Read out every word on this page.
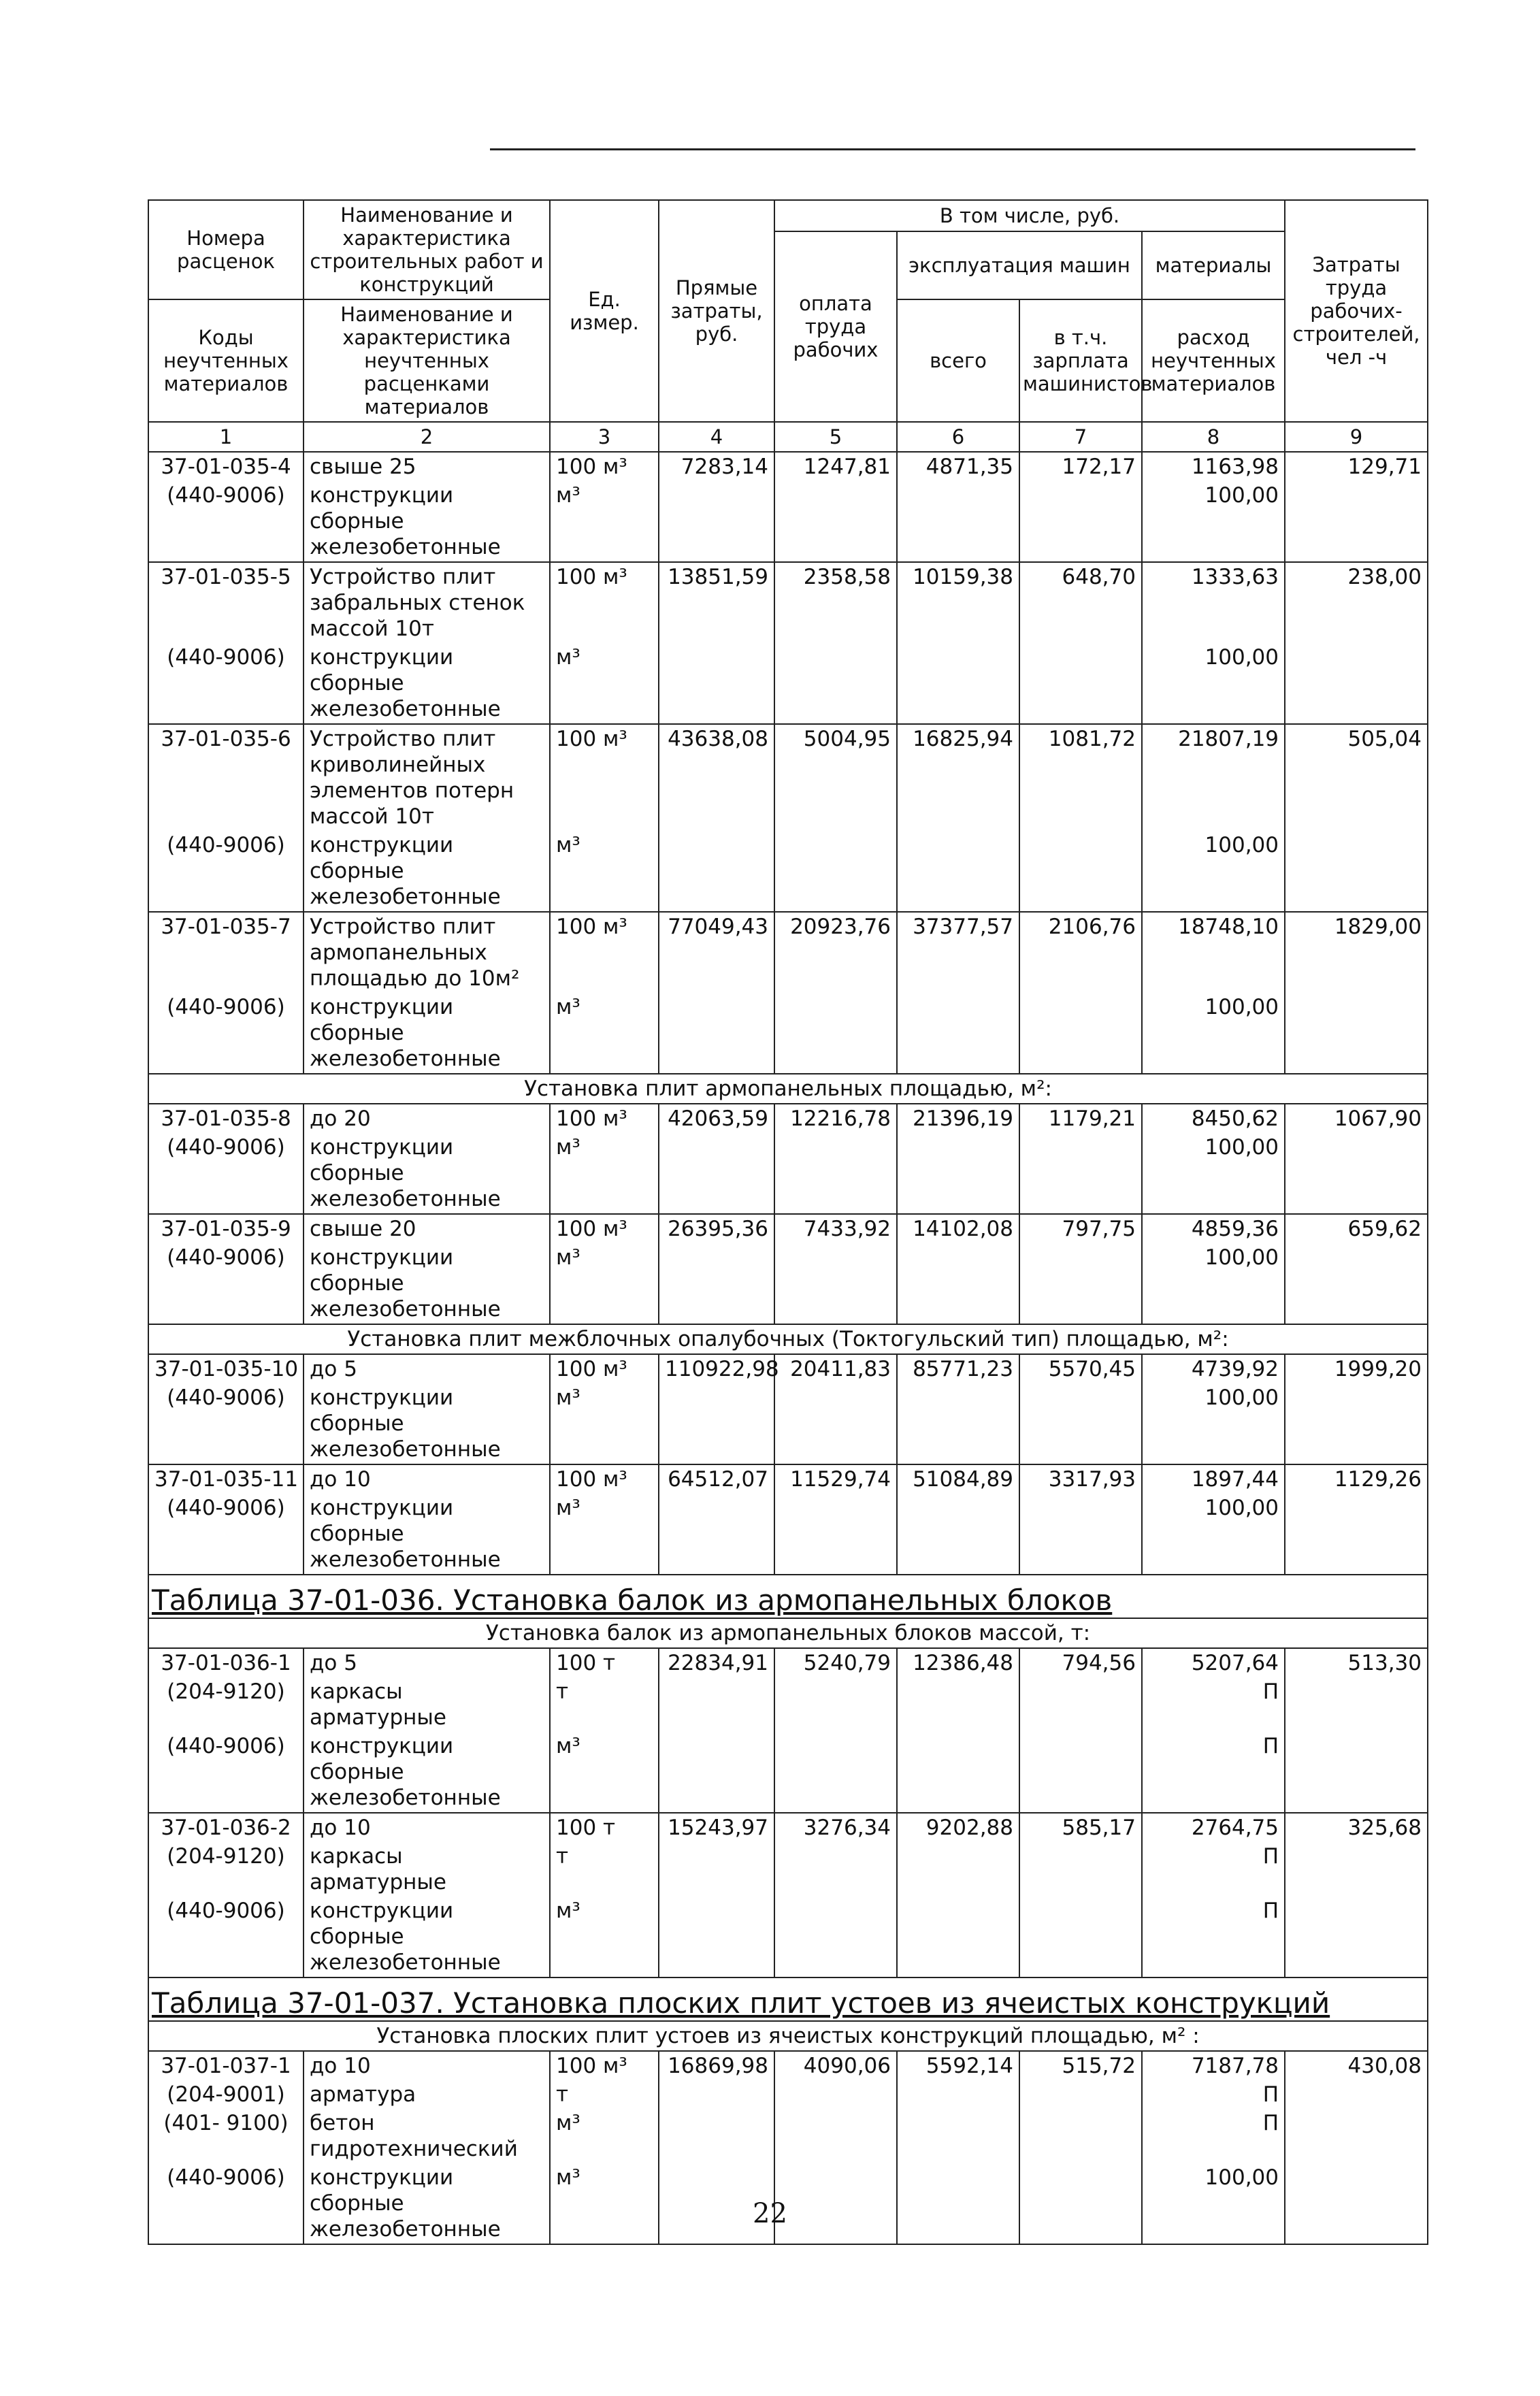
Номера расценок	Наименование и характеристика строительных работ и конструкций	Ед. измер.	Прямые затраты, руб.	В том числе, руб.				Затраты труда рабочих-строителей, чел -ч
				оплата труда рабочих	эксплуатация машин		материалы	
Коды неучтенных материалов	Наименование и характеристика неучтенных расценками материалов				всего	в т.ч. зарплата машинистов	расход неучтенных материалов	

1	2	3	4	5	6	7	8	9
37-01-035-4	свыше 25	100 м³	7283,14	1247,81	4871,35	172,17	1163,98	129,71
(440-9006)	конструкции сборные железобетонные	м³					100,00	
37-01-035-5	Устройство плит забральных стенок массой 10т	100 м³	13851,59	2358,58	10159,38	648,70	1333,63	238,00
(440-9006)	конструкции сборные железобетонные	м³					100,00	
37-01-035-6	Устройство плит криволинейных элементов потерн массой 10т	100 м³	43638,08	5004,95	16825,94	1081,72	21807,19	505,04
(440-9006)	конструкции сборные железобетонные	м³					100,00	
37-01-035-7	Устройство плит армопанельных площадью до 10м²	100 м³	77049,43	20923,76	37377,57	2106,76	18748,10	1829,00
(440-9006)	конструкции сборные железобетонные	м³					100,00	
Установка плит армопанельных площадью, м²:								
37-01-035-8	до 20	100 м³	42063,59	12216,78	21396,19	1179,21	8450,62	1067,90
(440-9006)	конструкции сборные железобетонные	м³					100,00	
37-01-035-9	свыше 20	100 м³	26395,36	7433,92	14102,08	797,75	4859,36	659,62
(440-9006)	конструкции сборные железобетонные	м³					100,00	
Установка плит межблочных опалубочных (Токтогульский тип) площадью, м²:								
37-01-035-10	до 5	100 м³	110922,98	20411,83	85771,23	5570,45	4739,92	1999,20
(440-9006)	конструкции сборные железобетонные	м³					100,00	
37-01-035-11	до 10	100 м³	64512,07	11529,74	51084,89	3317,93	1897,44	1129,26
(440-9006)	конструкции сборные железобетонные	м³					100,00	
Таблица 37-01-036. Установка балок из армопанельных блоков								
Установка балок из армопанельных блоков массой, т:								
37-01-036-1	до 5	100 т	22834,91	5240,79	12386,48	794,56	5207,64	513,30
(204-9120)	каркасы арматурные	т					П	
(440-9006)	конструкции сборные железобетонные	м³					П	
37-01-036-2	до 10	100 т	15243,97	3276,34	9202,88	585,17	2764,75	325,68
(204-9120)	каркасы арматурные	т					П	
(440-9006)	конструкции сборные железобетонные	м³					П	
Таблица 37-01-037. Установка плоских плит устоев из ячеистых конструкций								
Установка плоских плит устоев из ячеистых конструкций площадью, м² :								
37-01-037-1	до 10	100 м³	16869,98	4090,06	5592,14	515,72	7187,78	430,08
(204-9001)	арматура	т					П	
(401- 9100)	бетон гидротехнический	м³					П	
(440-9006)	конструкции сборные железобетонные	м³					100,00	
22
